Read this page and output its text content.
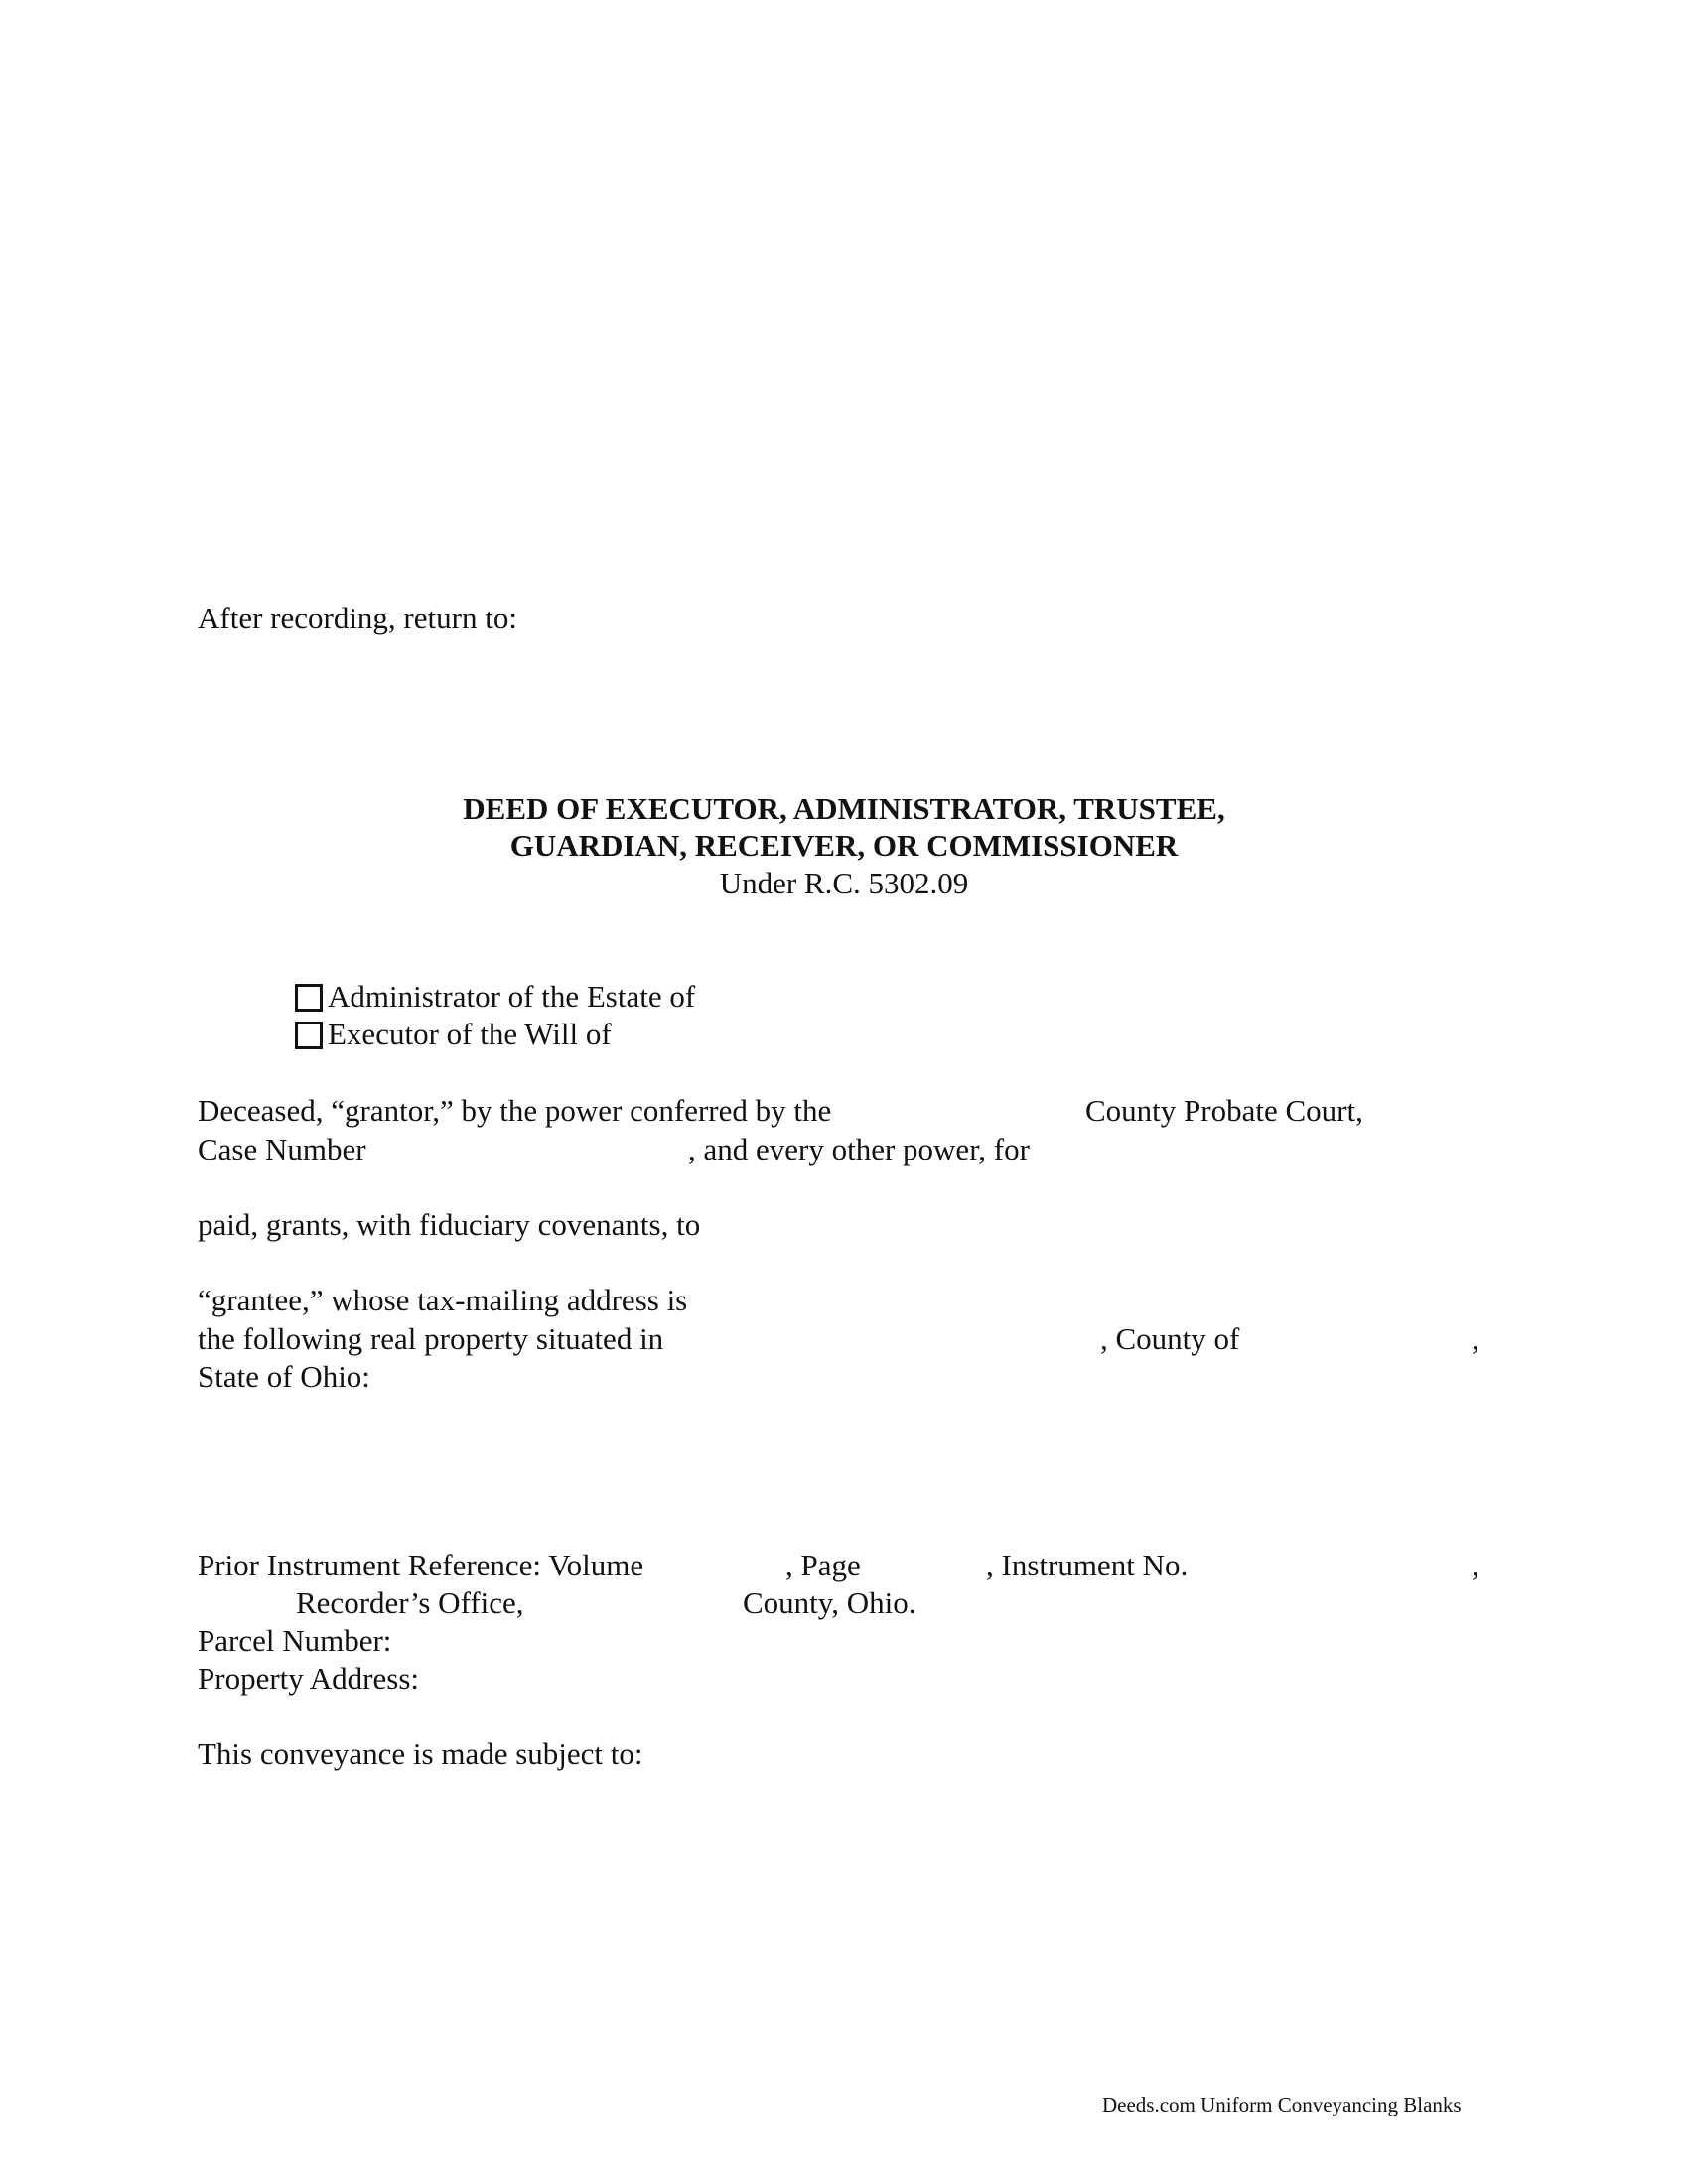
After recording, return to:
DEED OF EXECUTOR, ADMINISTRATOR, TRUSTEE,
GUARDIAN, RECEIVER, OR COMMISSIONER
Under R.C. 5302.09
Administrator of the Estate of
Executor of the Will of
Deceased, “grantor,” by the power conferred by the	County Probate Court,
Case Number	, and every other power, for
paid, grants, with fiduciary covenants, to
“grantee,” whose tax-mailing address is
the following real property situated in	, County of	,
State of Ohio:
Prior Instrument Reference: Volume	, Page	, Instrument No.	,
Recorder’s Office,	County, Ohio.
Parcel Number:
Property Address:
This conveyance is made subject to:
Deeds.com Uniform Conveyancing Blanks
